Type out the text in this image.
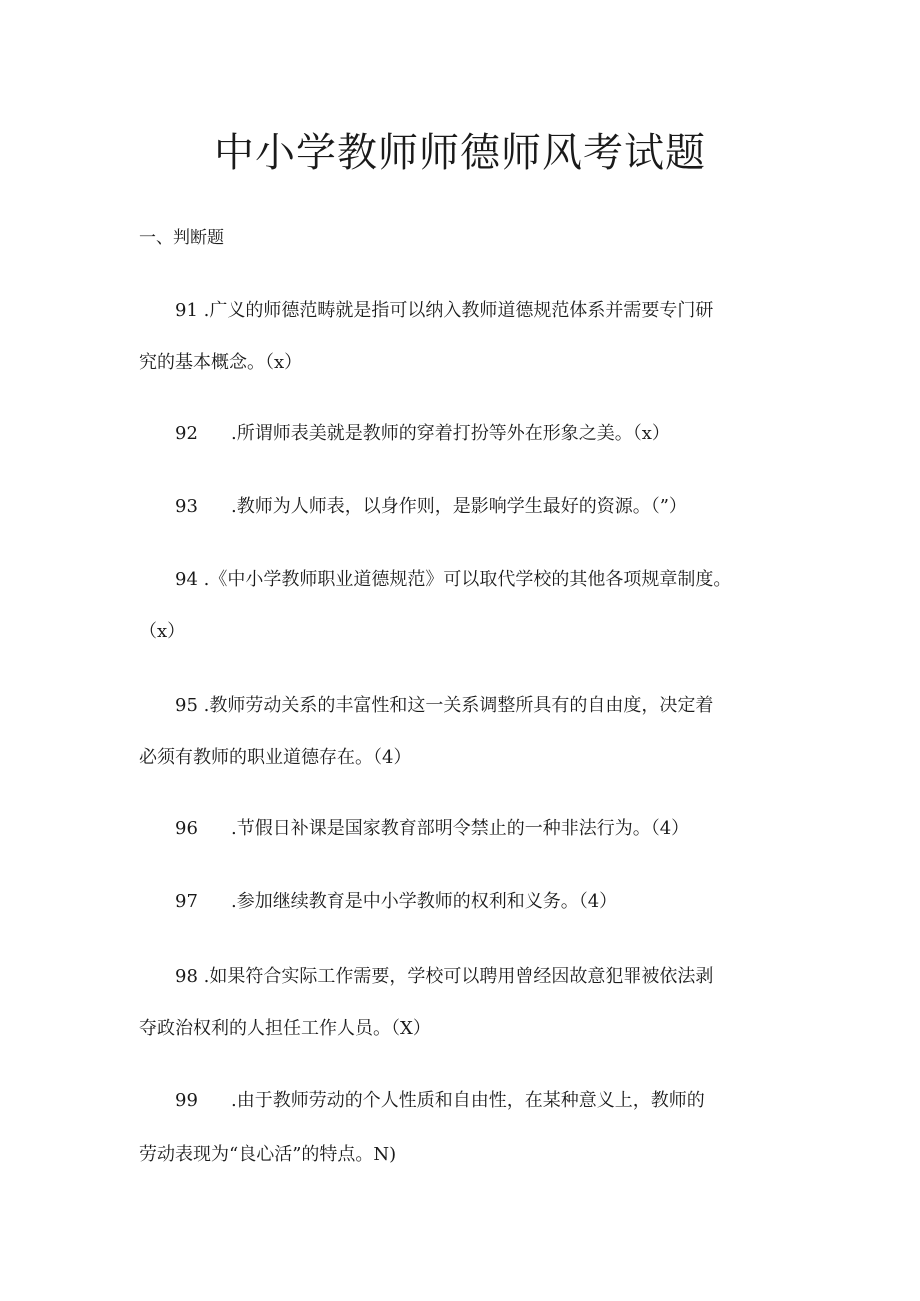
中小学教师师德师风考试题
一、判断题
91 .广义的师德范畴就是指可以纳入教师道德规范体系并需要专门研
究的基本概念。（x）
92 .所谓师表美就是教师的穿着打扮等外在形象之美。（x）
93 .教师为人师表，以身作则，是影响学生最好的资源。（”）
94 .《中小学教师职业道德规范》可以取代学校的其他各项规章制度。
（x）
95 .教师劳动关系的丰富性和这一关系调整所具有的自由度，决定着
必须有教师的职业道德存在。（4）
96 .节假日补课是国家教育部明令禁止的一种非法行为。（4）
97 .参加继续教育是中小学教师的权利和义务。（4）
98 .如果符合实际工作需要，学校可以聘用曾经因故意犯罪被依法剥
夺政治权利的人担任工作人员。（X）
99 .由于教师劳动的个人性质和自由性，在某种意义上，教师的
劳动表现为“良心活”的特点。N)
